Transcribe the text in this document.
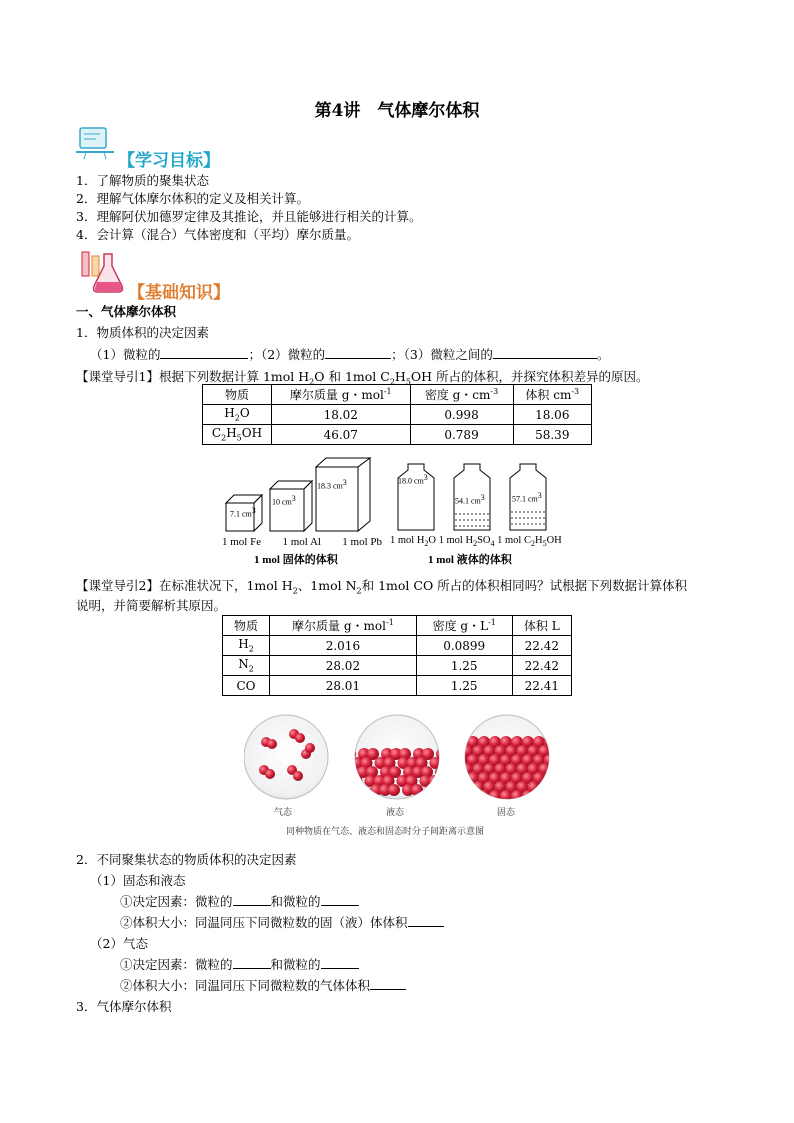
第4讲　气体摩尔体积
【学习目标】
1．了解物质的聚集状态
2．理解气体摩尔体积的定义及相关计算。
3．理解阿伏加德罗定律及其推论，并且能够进行相关的计算。
4．会计算（混合）气体密度和（平均）摩尔质量。
【基础知识】
一、气体摩尔体积
1．物质体积的决定因素
（1）微粒的	；（2）微粒的	；（3）微粒之间的	。
【课堂导引1】根据下列数据计算 1mol $H_2O$ 和 1mol $C_2H_5OH$ 所占的体积，并探究体积差异的原因。
物质	摩尔质量 g・mol$^{-1}$	密度 g・$cm^{-3}$	体积 $cm^{-3}$
$H_2O$	18.02	0.998	18.06
$C_2H_5OH$	46.07	0.789	58.39
1 mol Fe 1 mol Al 1 mol Pb
1 mol 固体的体积
18.0 $cm^3$
54.1 $cm^3$	57.1 $cm^3$
7.1 $cm^3$
10 $cm^3$
18.3 $cm^3$
1 mol $H_2O$ 1 mol $H_2SO_4$ 1 mol $C_2H_5OH$
1 mol 液体的体积
【课堂导引2】在标准状况下，1mol $H_2$、1mol $N_2$和 1mol CO 所占的体积相同吗？试根据下列数据计算体积
说明，并简要解析其原因。
物质	摩尔质量 g・mol$^{-1}$	密度 g・$L^{-1}$	体积 L
$H_2$	2.016	0.0899	22.42
$N_2$	28.02	1.25	22.42
CO	28.01	1.25	22.41
气态	液态	固态
同种物质在气态、液态和固态时分子间距离示意图
2．不同聚集状态的物质体积的决定因素
（1）固态和液态
①决定因素：微粒的	和微粒的
②体积大小：同温同压下同微粒数的固（液）体体积
（2）气态
①决定因素：微粒的	和微粒的
②体积大小：同温同压下同微粒数的气体体积
3．气体摩尔体积
